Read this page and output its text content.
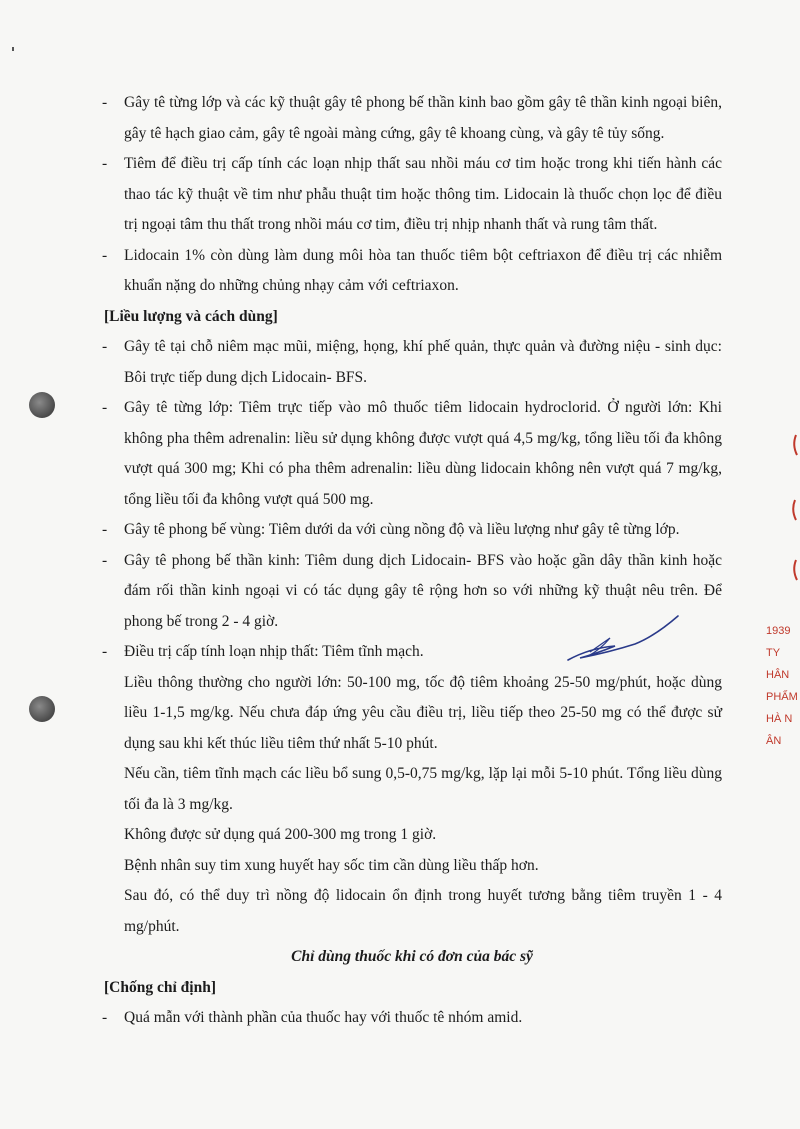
1939
TY
HÂN
PHẨM
HÀ N
ÂN
- Gây tê từng lớp và các kỹ thuật gây tê phong bế thần kinh bao gồm gây tê thần kinh ngoại biên, gây tê hạch giao cảm, gây tê ngoài màng cứng, gây tê khoang cùng, và gây tê tủy sống.
- Tiêm để điều trị cấp tính các loạn nhịp thất sau nhồi máu cơ tim hoặc trong khi tiến hành các thao tác kỹ thuật về tim như phẫu thuật tim hoặc thông tim. Lidocain là thuốc chọn lọc để điều trị ngoại tâm thu thất trong nhồi máu cơ tim, điều trị nhịp nhanh thất và rung tâm thất.
- Lidocain 1% còn dùng làm dung môi hòa tan thuốc tiêm bột ceftriaxon để điều trị các nhiễm khuẩn nặng do những chủng nhạy cảm với ceftriaxon.
[Liều lượng và cách dùng]
- Gây tê tại chỗ niêm mạc mũi, miệng, họng, khí phế quản, thực quản và đường niệu - sinh dục: Bôi trực tiếp dung dịch Lidocain- BFS.
- Gây tê từng lớp: Tiêm trực tiếp vào mô thuốc tiêm lidocain hydroclorid. Ở người lớn: Khi không pha thêm adrenalin: liều sử dụng không được vượt quá 4,5 mg/kg, tổng liều tối đa không vượt quá 300 mg; Khi có pha thêm adrenalin: liều dùng lidocain không nên vượt quá 7 mg/kg, tổng liều tối đa không vượt quá 500 mg.
- Gây tê phong bế vùng: Tiêm dưới da với cùng nồng độ và liều lượng như gây tê từng lớp.
- Gây tê phong bế thần kinh: Tiêm dung dịch Lidocain- BFS vào hoặc gần dây thần kinh hoặc đám rối thần kinh ngoại vi có tác dụng gây tê rộng hơn so với những kỹ thuật nêu trên. Để phong bế trong 2 - 4 giờ.
- Điều trị cấp tính loạn nhịp thất: Tiêm tĩnh mạch.
Liều thông thường cho người lớn: 50-100 mg, tốc độ tiêm khoảng 25-50 mg/phút, hoặc dùng liều 1-1,5 mg/kg. Nếu chưa đáp ứng yêu cầu điều trị, liều tiếp theo 25-50 mg có thể được sử dụng sau khi kết thúc liều tiêm thứ nhất 5-10 phút.
Nếu cần, tiêm tĩnh mạch các liều bổ sung 0,5-0,75 mg/kg, lặp lại mỗi 5-10 phút. Tổng liều dùng tối đa là 3 mg/kg.
Không được sử dụng quá 200-300 mg trong 1 giờ.
Bệnh nhân suy tim xung huyết hay sốc tim cần dùng liều thấp hơn.
Sau đó, có thể duy trì nồng độ lidocain ổn định trong huyết tương bằng tiêm truyền 1 - 4 mg/phút.
Chỉ dùng thuốc khi có đơn của bác sỹ
[Chống chỉ định]
- Quá mẫn với thành phần của thuốc hay với thuốc tê nhóm amid.
